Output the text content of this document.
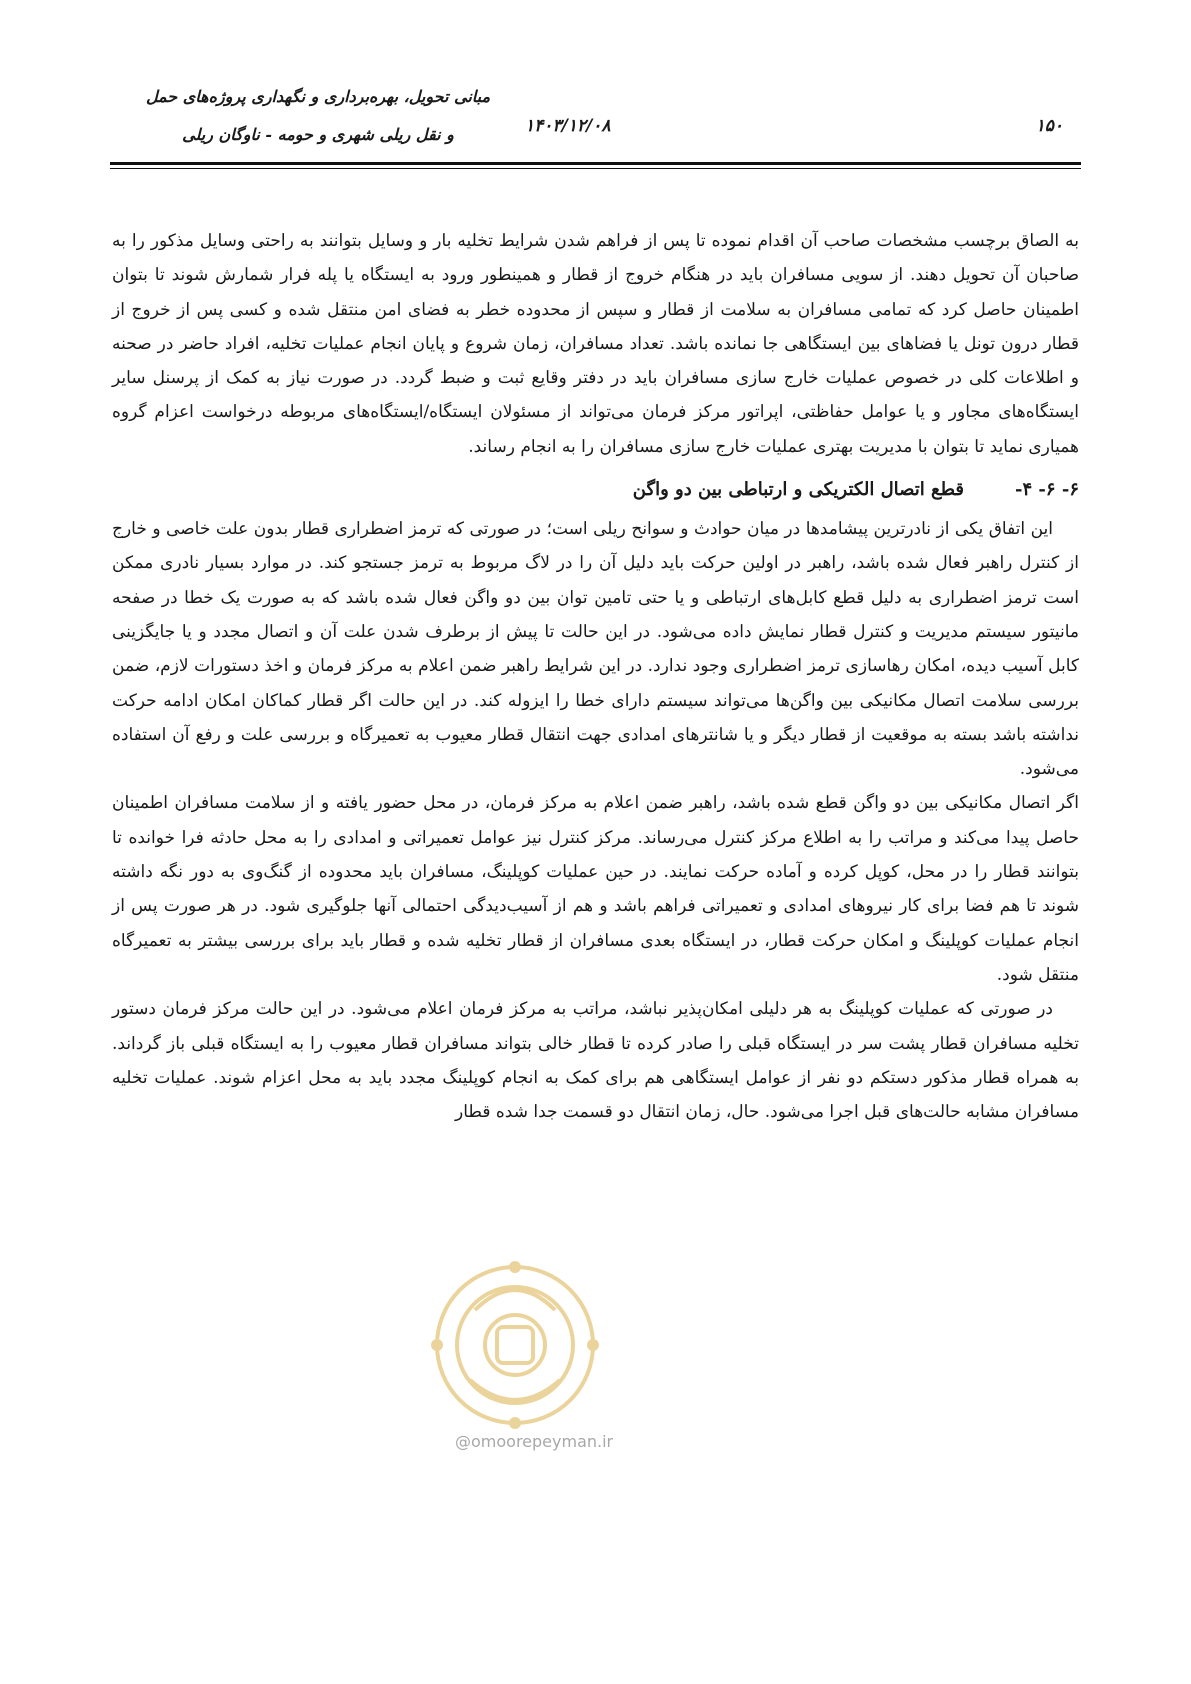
۱۵۰
۱۴۰۳/۱۲/۰۸
مبانی تحویل، بهره‌برداری و نگهداری پروژه‌های حمل
و نقل ریلی شهری و حومه - ناوگان ریلی

به الصاق برچسب مشخصات صاحب آن اقدام نموده تا پس از فراهم شدن شرایط تخلیه بار و وسایل بتوانند به راحتی وسایل مذکور را به صاحبان آن تحویل دهند. از سویی مسافران باید در هنگام خروج از قطار و همینطور ورود به ایستگاه یا پله فرار شمارش شوند تا بتوان اطمینان حاصل کرد که تمامی مسافران به سلامت از قطار و سپس از محدوده خطر به فضای امن منتقل شده و کسی پس از خروج از قطار درون تونل یا فضاهای بین ایستگاهی جا نمانده باشد. تعداد مسافران، زمان شروع و پایان انجام عملیات تخلیه، افراد حاضر در صحنه و اطلاعات کلی در خصوص عملیات خارج سازی مسافران باید در دفتر وقایع ثبت و ضبط گردد. در صورت نیاز به کمک از پرسنل سایر ایستگاه‌های مجاور و یا عوامل حفاظتی، اپراتور مرکز فرمان می‌تواند از مسئولان ایستگاه/ایستگاه‌های مربوطه درخواست اعزام گروه همیاری نماید تا بتوان با مدیریت بهتری عملیات خارج سازی مسافران را به انجام رساند.

۶- ۶- ۴-
قطع اتصال الکتریکی و ارتباطی بین دو واگن

این اتفاق یکی از نادرترین پیشامدها در میان حوادث و سوانح ریلی است؛ در صورتی که ترمز اضطراری قطار بدون علت خاصی و خارج از کنترل راهبر فعال شده باشد، راهبر در اولین حرکت باید دلیل آن را در لاگ مربوط به ترمز جستجو کند. در موارد بسیار نادری ممکن است ترمز اضطراری به دلیل قطع کابل‌های ارتباطی و یا حتی تامین توان بین دو واگن فعال شده باشد که به صورت یک خطا در صفحه مانیتور سیستم مدیریت و کنترل قطار نمایش داده می‌شود. در این حالت تا پیش از برطرف شدن علت آن و اتصال مجدد و یا جایگزینی کابل آسیب دیده، امکان رهاسازی ترمز اضطراری وجود ندارد. در این شرایط راهبر ضمن اعلام به مرکز فرمان و اخذ دستورات لازم، ضمن بررسی سلامت اتصال مکانیکی بین واگن‌ها می‌تواند سیستم دارای خطا را ایزوله کند. در این حالت اگر قطار کماکان امکان ادامه حرکت نداشته باشد بسته به موقعیت از قطار دیگر و یا شانترهای امدادی جهت انتقال قطار معیوب به تعمیرگاه و بررسی علت و رفع آن استفاده می‌شود.

اگر اتصال مکانیکی بین دو واگن قطع شده باشد، راهبر ضمن اعلام به مرکز فرمان، در محل حضور یافته و از سلامت مسافران اطمینان حاصل پیدا می‌کند و مراتب را به اطلاع مرکز کنترل می‌رساند. مرکز کنترل نیز عوامل تعمیراتی و امدادی را به محل حادثه فرا خوانده تا بتوانند قطار را در محل، کوپل کرده و آماده حرکت نمایند. در حین عملیات کوپلینگ، مسافران باید محدوده از گنگ‌وی به دور نگه داشته شوند تا هم فضا برای کار نیروهای امدادی و تعمیراتی فراهم باشد و هم از آسیب‌دیدگی احتمالی آنها جلوگیری شود. در هر صورت پس از انجام عملیات کوپلینگ و امکان حرکت قطار، در ایستگاه بعدی مسافران از قطار تخلیه شده و قطار باید برای بررسی بیشتر به تعمیرگاه منتقل شود.

در صورتی که عملیات کوپلینگ به هر دلیلی امکان‌پذیر نباشد، مراتب به مرکز فرمان اعلام می‌شود. در این حالت مرکز فرمان دستور تخلیه مسافران قطار پشت سر در ایستگاه قبلی را صادر کرده تا قطار خالی بتواند مسافران قطار معیوب را به ایستگاه قبلی باز گرداند. به همراه قطار مذکور دستکم دو نفر از عوامل ایستگاهی هم برای کمک به انجام کوپلینگ مجدد باید به محل اعزام شوند. عملیات تخلیه مسافران مشابه حالت‌های قبل اجرا می‌شود. حال، زمان انتقال دو قسمت جدا شده قطار

@omoorepeyman.ir
